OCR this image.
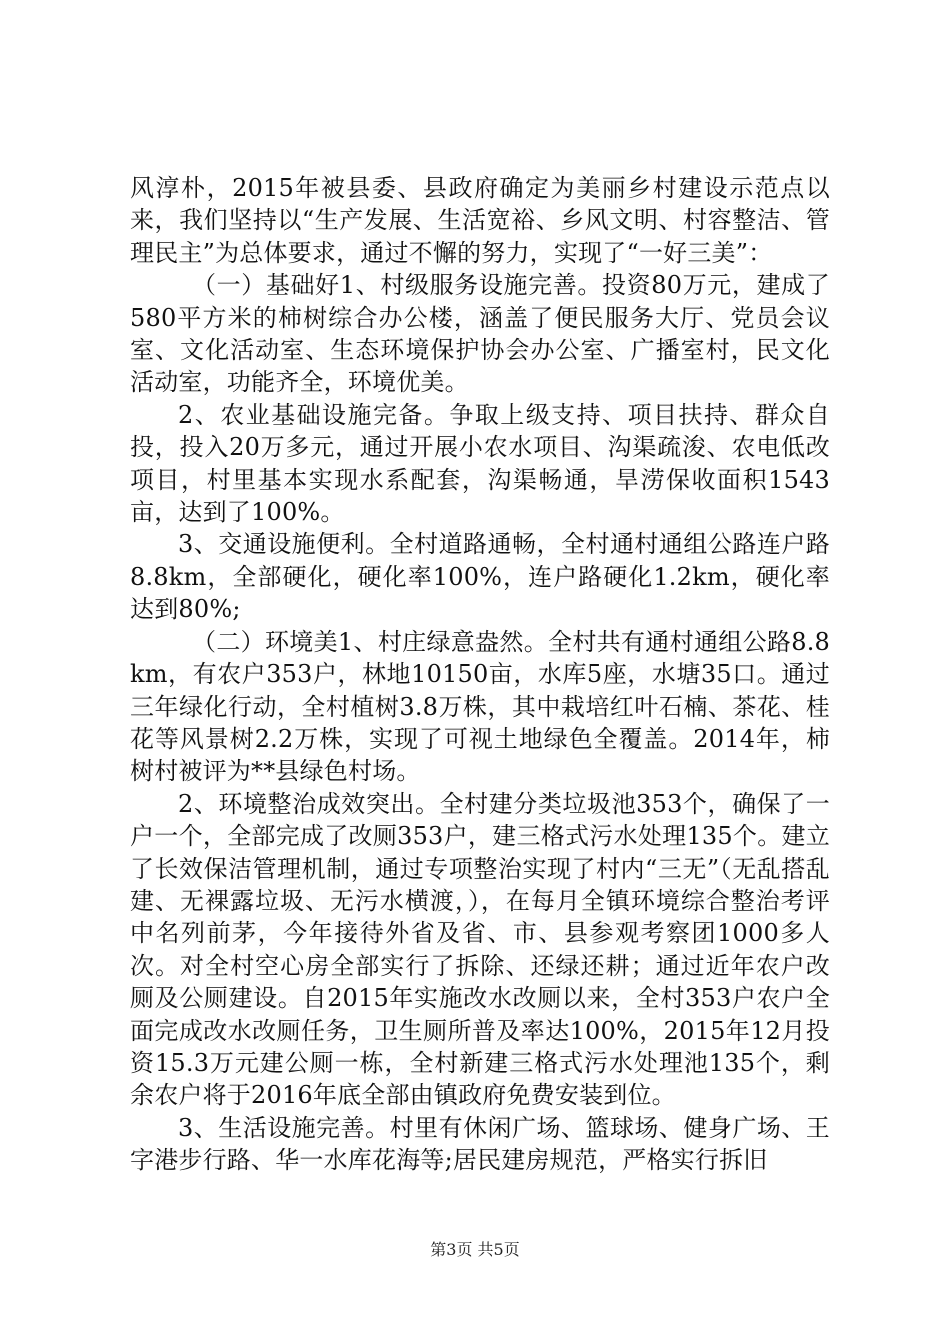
风淳朴，2015年被县委、县政府确定为美丽乡村建设示范点以来，我们坚持以“生产发展、生活宽裕、乡风文明、村容整洁、管理民主”为总体要求，通过不懈的努力，实现了“一好三美”：

（一）基础好1、村级服务设施完善。投资80万元，建成了580平方米的柿树综合办公楼，涵盖了便民服务大厅、党员会议室、文化活动室、生态环境保护协会办公室、广播室村，民文化活动室，功能齐全，环境优美。

2、农业基础设施完备。争取上级支持、项目扶持、群众自投，投入20万多元，通过开展小农水项目、沟渠疏浚、农电低改项目，村里基本实现水系配套，沟渠畅通，旱涝保收面积1543亩，达到了100%。

3、交通设施便利。全村道路通畅，全村通村通组公路连户路8.8km，全部硬化，硬化率100%，连户路硬化1.2km，硬化率达到80%;

（二）环境美1、村庄绿意盎然。全村共有通村通组公路8.8km，有农户353户，林地10150亩，水库5座，水塘35口。通过三年绿化行动，全村植树3.8万株，其中栽培红叶石楠、茶花、桂花等风景树2.2万株，实现了可视土地绿色全覆盖。2014年，柿树村被评为**县绿色村场。

2、环境整治成效突出。全村建分类垃圾池353个，确保了一户一个，全部完成了改厕353户，建三格式污水处理135个。建立了长效保洁管理机制，通过专项整治实现了村内“三无”（无乱搭乱建、无裸露垃圾、无污水横渡，），在每月全镇环境综合整治考评中名列前茅，今年接待外省及省、市、县参观考察团1000多人次。对全村空心房全部实行了拆除、还绿还耕；通过近年农户改厕及公厕建设。自2015年实施改水改厕以来，全村353户农户全面完成改水改厕任务，卫生厕所普及率达100%，2015年12月投资15.3万元建公厕一栋，全村新建三格式污水处理池135个，剩余农户将于2016年底全部由镇政府免费安装到位。

3、生活设施完善。村里有休闲广场、篮球场、健身广场、王字港步行路、华一水库花海等;居民建房规范，严格实行拆旧

第3页 共5页
